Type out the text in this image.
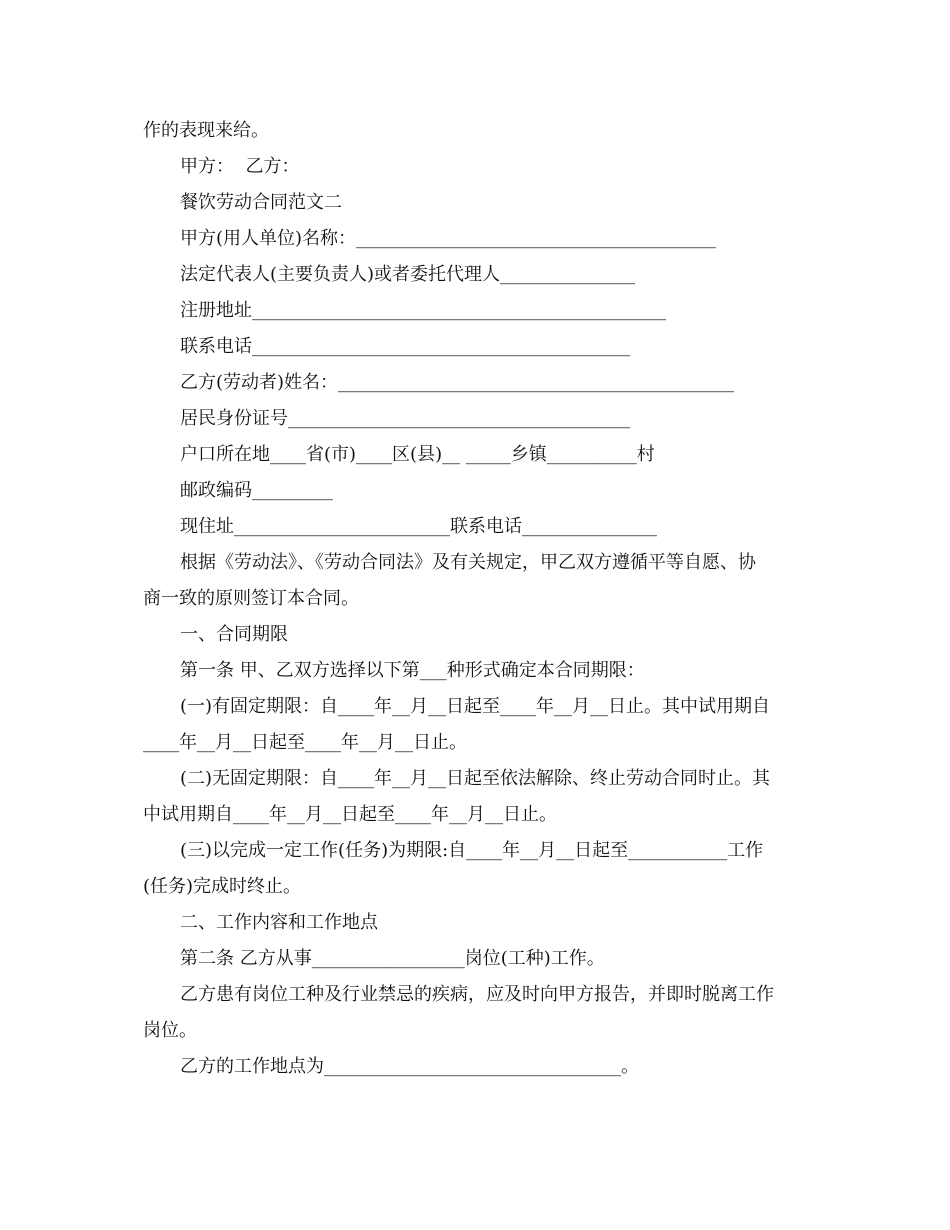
作的表现来给。
甲方：  乙方：
餐饮劳动合同范文二
甲方(用人单位)名称：________________________________________
法定代表人(主要负责人)或者委托代理人_______________
注册地址______________________________________________
联系电话__________________________________________
乙方(劳动者)姓名：____________________________________________
居民身份证号______________________________________
户口所在地____省(市)____区(县)__ _____乡镇__________村
邮政编码_________
现住址________________________联系电话_______________
根据《劳动法》、《劳动合同法》及有关规定，甲乙双方遵循平等自愿、协
商一致的原则签订本合同。
一、合同期限
第一条 甲、乙双方选择以下第___种形式确定本合同期限：
(一)有固定期限：自____年__月__日起至____年__月__日止。其中试用期自
____年__月__日起至____年__月__日止。
(二)无固定期限：自____年__月__日起至依法解除、终止劳动合同时止。其
中试用期自____年__月__日起至____年__月__日止。
(三)以完成一定工作(任务)为期限:自____年__月__日起至___________工作
(任务)完成时终止。
二、工作内容和工作地点
第二条 乙方从事_________________岗位(工种)工作。
乙方患有岗位工种及行业禁忌的疾病，应及时向甲方报告，并即时脱离工作
岗位。
乙方的工作地点为_________________________________。
